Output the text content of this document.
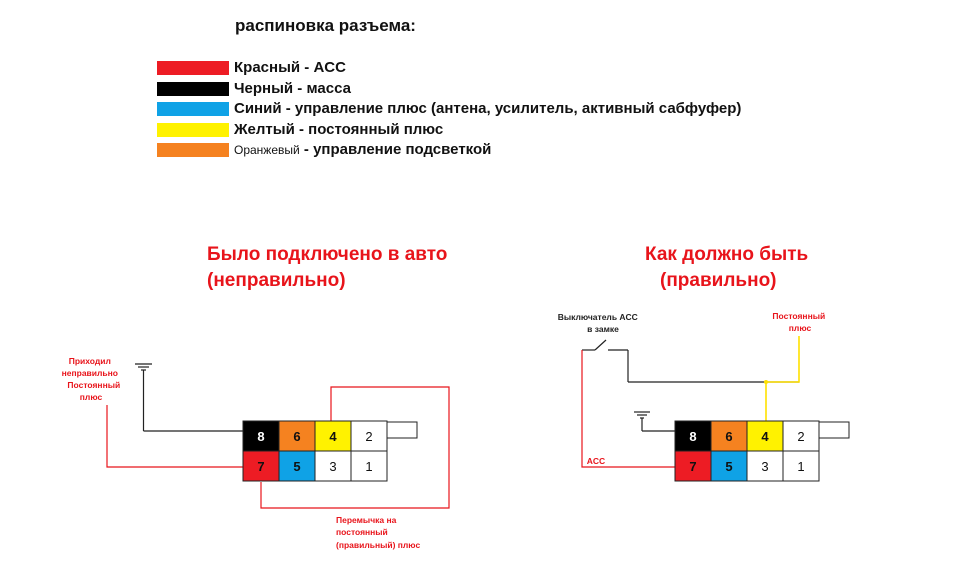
распиновка разъема:
Красный - ACC
Черный - масса
Синий - управление плюс (антена, усилитель, активный сабфуфер)
Желтый - постоянный плюс
Оранжевый - управление подсветкой
Было подключено в авто
(неправильно)
Как должно быть
(правильно)
8 6 4 2
7 5 3 1
Приходил неправильно Постоянный плюс
Перемычка на постоянный (правильный) плюс
8 6 4 2
7 5 3 1
Выключатель ACC в замке
Постоянный плюс
ACC
